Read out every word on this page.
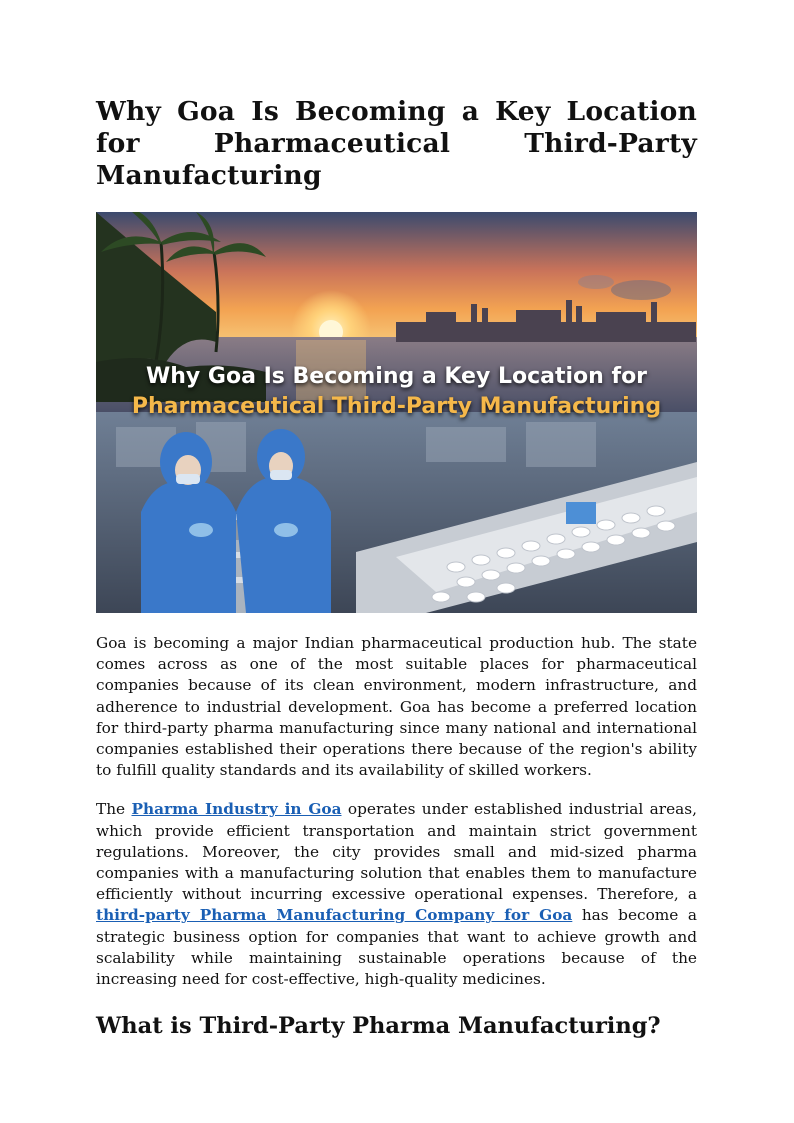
Why Goa Is Becoming a Key Location for Pharmaceutical Third-Party Manufacturing
Why Goa Is Becoming a Key Location for
Pharmaceutical Third-Party Manufacturing

Goa is becoming a major Indian pharmaceutical production hub. The state comes across as one of the most suitable places for pharmaceutical companies because of its clean environment, modern infrastructure, and adherence to industrial development. Goa has become a preferred location for third-party pharma manufacturing since many national and international companies established their operations there because of the region's ability to fulfill quality standards and its availability of skilled workers.

The Pharma Industry in Goa operates under established industrial areas, which provide efficient transportation and maintain strict government regulations. Moreover, the city provides small and mid-sized pharma companies with a manufacturing solution that enables them to manufacture efficiently without incurring excessive operational expenses. Therefore, a third-party Pharma Manufacturing Company for Goa has become a strategic business option for companies that want to achieve growth and scalability while maintaining sustainable operations because of the increasing need for cost-effective, high-quality medicines.

What is Third-Party Pharma Manufacturing?
